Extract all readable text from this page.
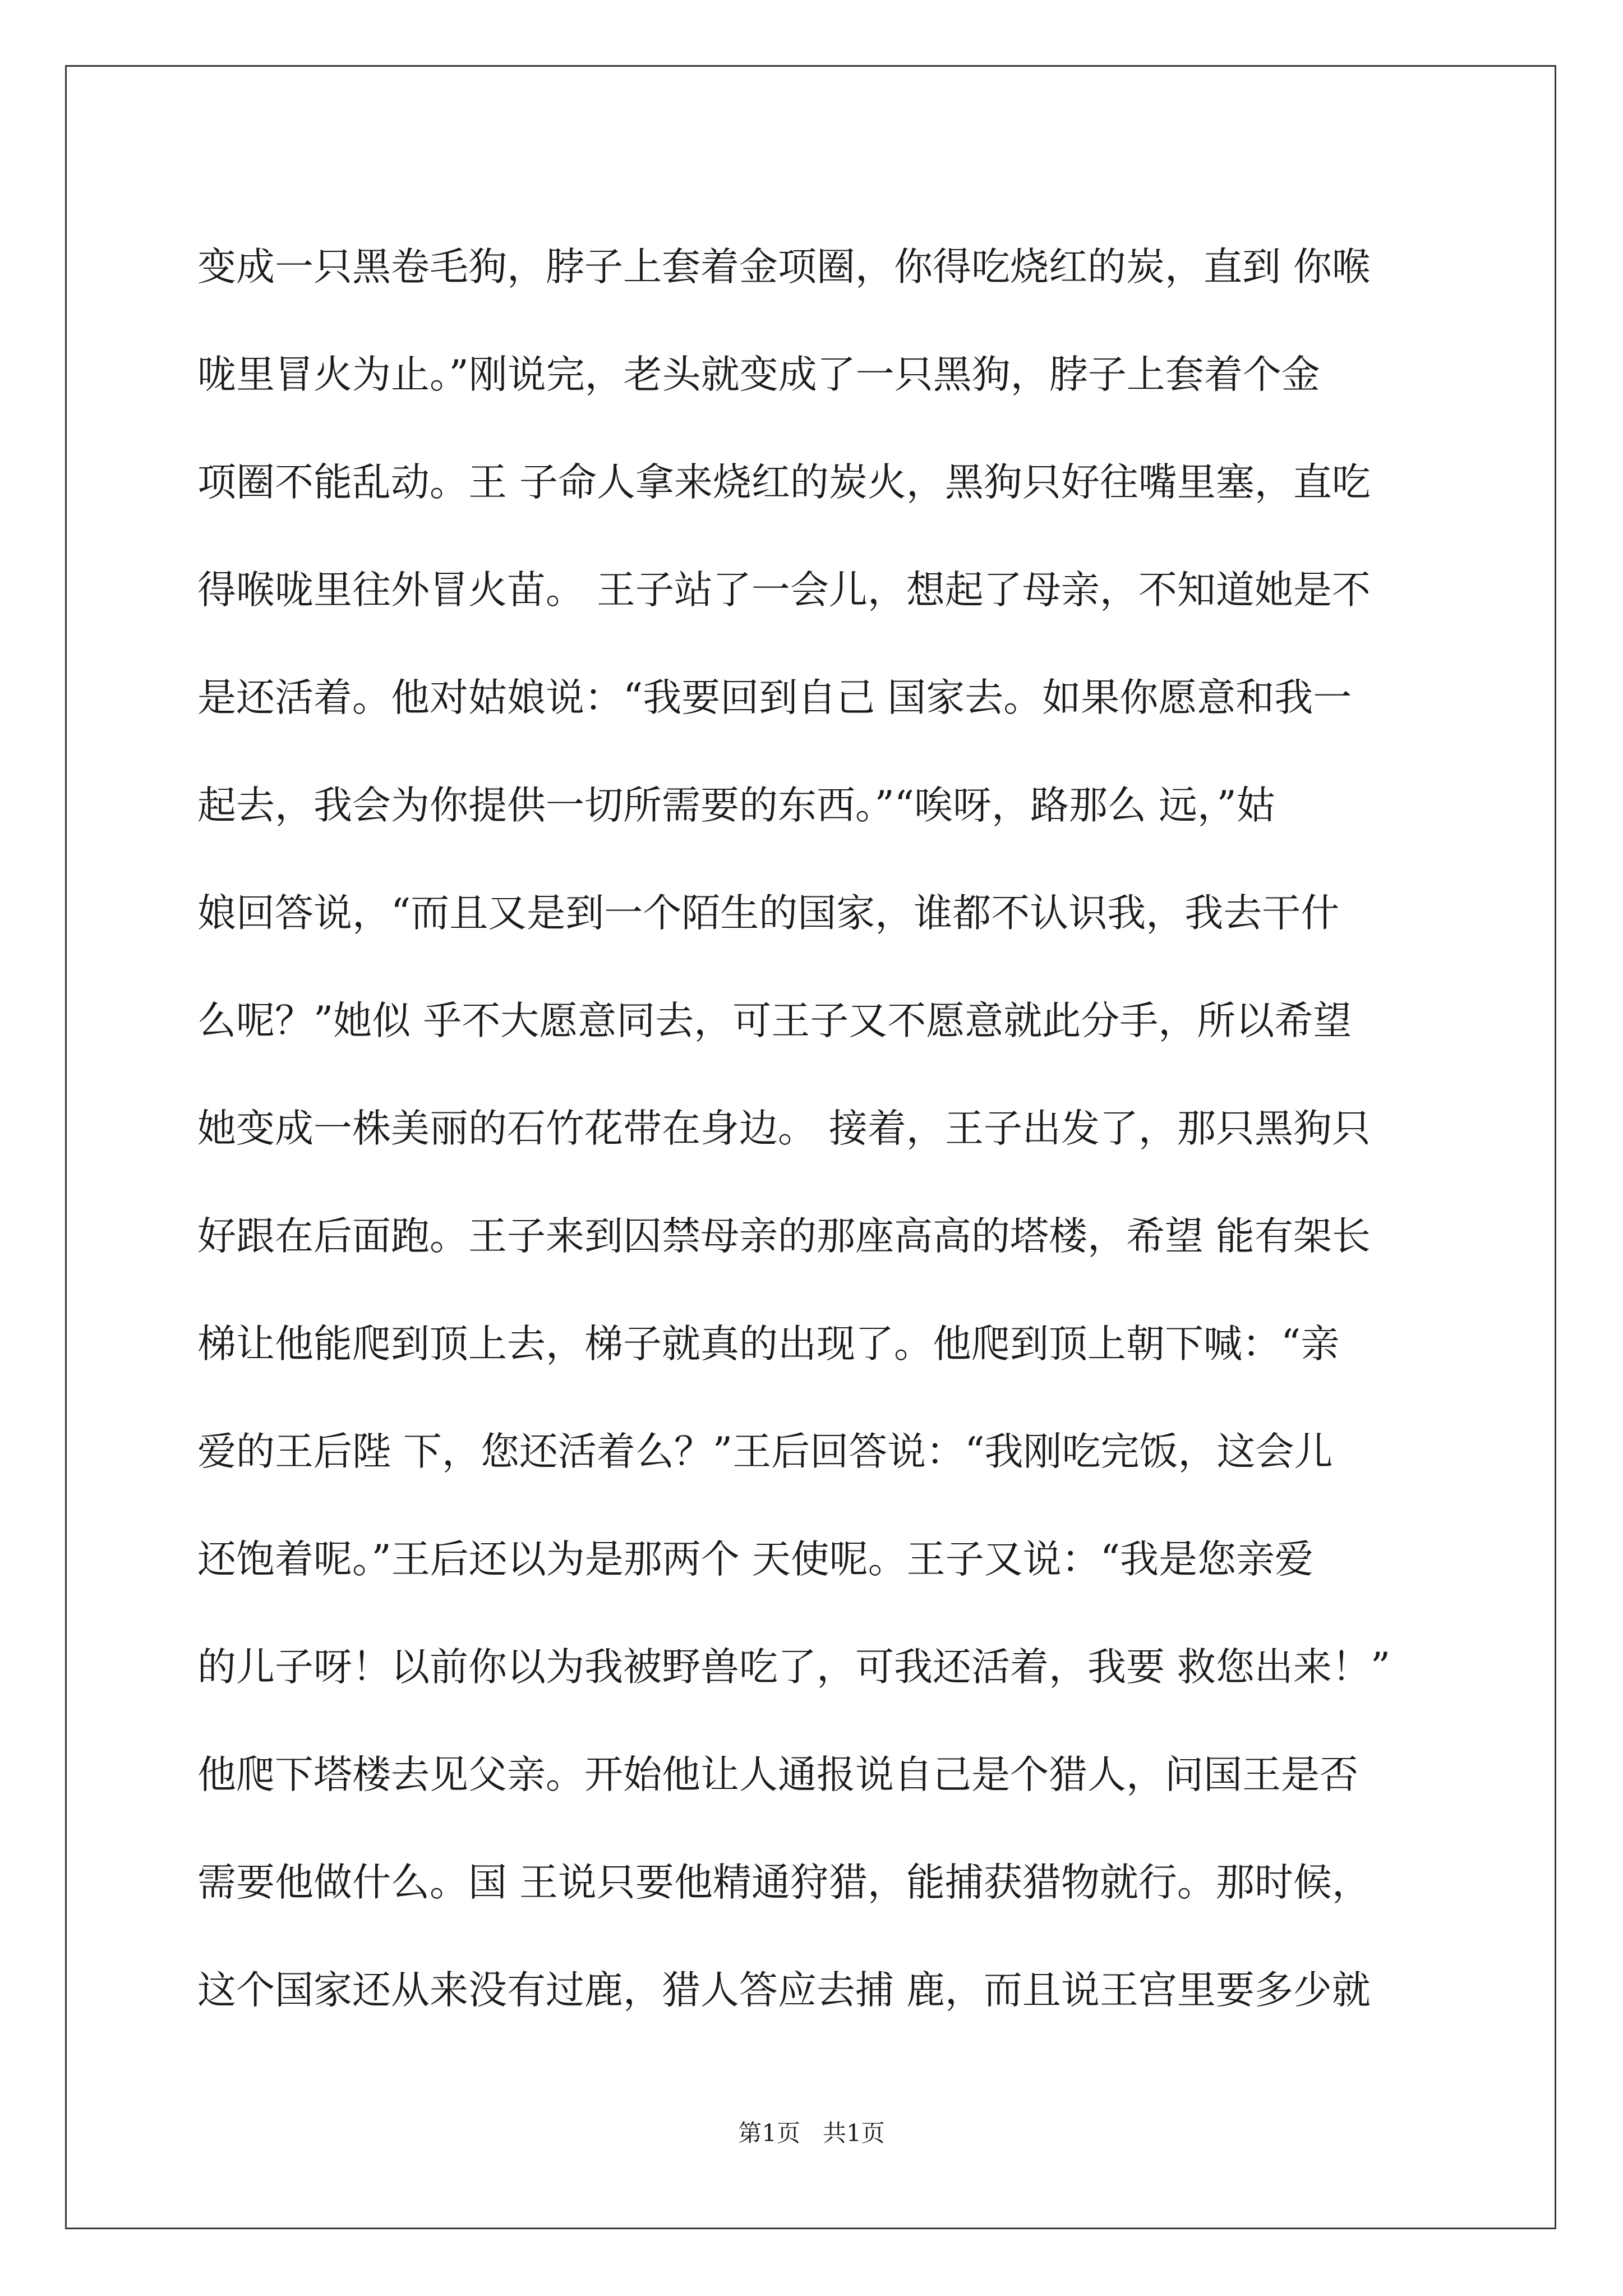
变成一只黑卷毛狗，脖子上套着金项圈，你得吃烧红的炭，直到 你喉
咙里冒火为止。”刚说完，老头就变成了一只黑狗，脖子上套着个金
项圈不能乱动。王 子命人拿来烧红的炭火，黑狗只好往嘴里塞，直吃
得喉咙里往外冒火苗。 王子站了一会儿，想起了母亲，不知道她是不
是还活着。他对姑娘说：“我要回到自己 国家去。如果你愿意和我一
起去，我会为你提供一切所需要的东西。”“唉呀，路那么 远，”姑
娘回答说，“而且又是到一个陌生的国家，谁都不认识我，我去干什
么呢？”她似 乎不大愿意同去，可王子又不愿意就此分手，所以希望
她变成一株美丽的石竹花带在身边。 接着，王子出发了，那只黑狗只
好跟在后面跑。王子来到囚禁母亲的那座高高的塔楼，希望 能有架长
梯让他能爬到顶上去，梯子就真的出现了。他爬到顶上朝下喊：“亲
爱的王后陛 下，您还活着么？”王后回答说：“我刚吃完饭，这会儿
还饱着呢。”王后还以为是那两个 天使呢。王子又说：“我是您亲爱
的儿子呀！以前你以为我被野兽吃了，可我还活着，我要 救您出来！”
他爬下塔楼去见父亲。开始他让人通报说自己是个猎人，问国王是否
需要他做什么。国 王说只要他精通狩猎，能捕获猎物就行。那时候，
这个国家还从来没有过鹿，猎人答应去捕 鹿，而且说王宫里要多少就
第1页   共1页
